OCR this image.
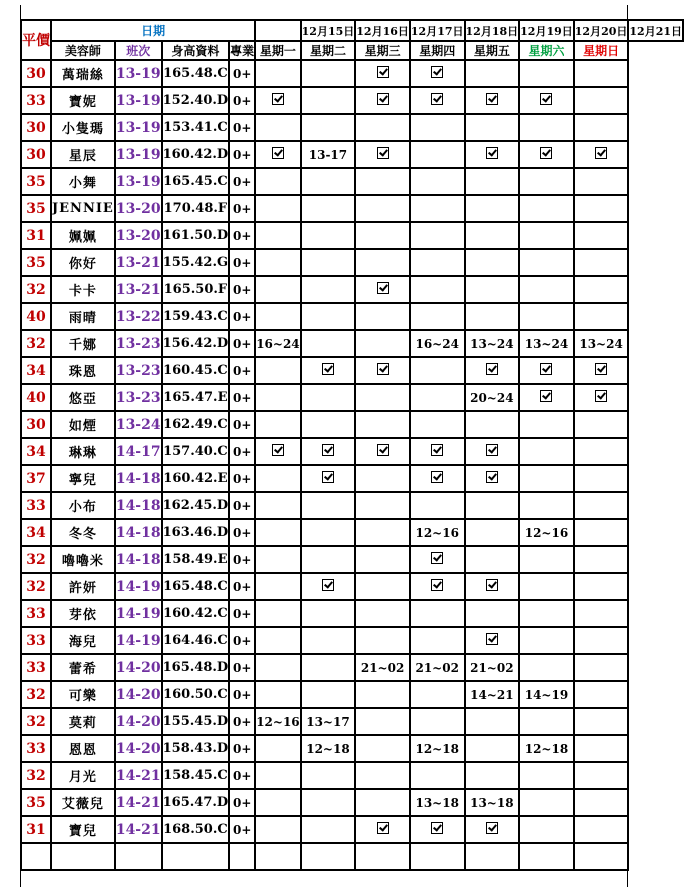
平價	日期					12月15日	12月16日	12月17日	12月18日	12月19日	12月20日	12月21日
	美容師	班次	身高資料	專業	星期一	星期二	星期三	星期四	星期五	星期六	星期日	
30	萬瑞絲	13-19	165.48.C	0+								
33	寶妮	13-19	152.40.D	0+								
30	小隻瑪	13-19	153.41.C	0+								
30	星辰	13-19	160.42.D	0+		13-17						
35	小舞	13-19	165.45.C	0+								
35	JENNIE	13-20	170.48.F	0+								
31	姵姵	13-20	161.50.D	0+								
35	你好	13-21	155.42.G	0+								
32	卡卡	13-21	165.50.F	0+								
40	雨晴	13-22	159.43.C	0+								
32	千娜	13-23	156.42.D	0+	16~24			16~24	13~24	13~24	13~24	
34	珠恩	13-23	160.45.C	0+								
40	悠亞	13-23	165.47.E	0+					20~24			
30	如煙	13-24	162.49.C	0+								
34	琳琳	14-17	157.40.C	0+								
37	寧兒	14-18	160.42.E	0+								
33	小布	14-18	162.45.D	0+								
34	冬冬	14-18	163.46.D	0+				12~16		12~16		
32	嚕嚕米	14-18	158.49.E	0+								
32	許妍	14-19	165.48.C	0+								
33	芽依	14-19	160.42.C	0+								
33	海兒	14-19	164.46.C	0+								
33	蕾希	14-20	165.48.D	0+			21~02	21~02	21~02			
32	可樂	14-20	160.50.C	0+					14~21	14~19		
32	莫莉	14-20	155.45.D	0+	12~16	13~17						
33	恩恩	14-20	158.43.D	0+		12~18		12~18		12~18		
32	月光	14-21	158.45.C	0+								
35	艾薇兒	14-21	165.47.D	0+				13~18	13~18			
31	寶兒	14-21	168.50.C	0+								
